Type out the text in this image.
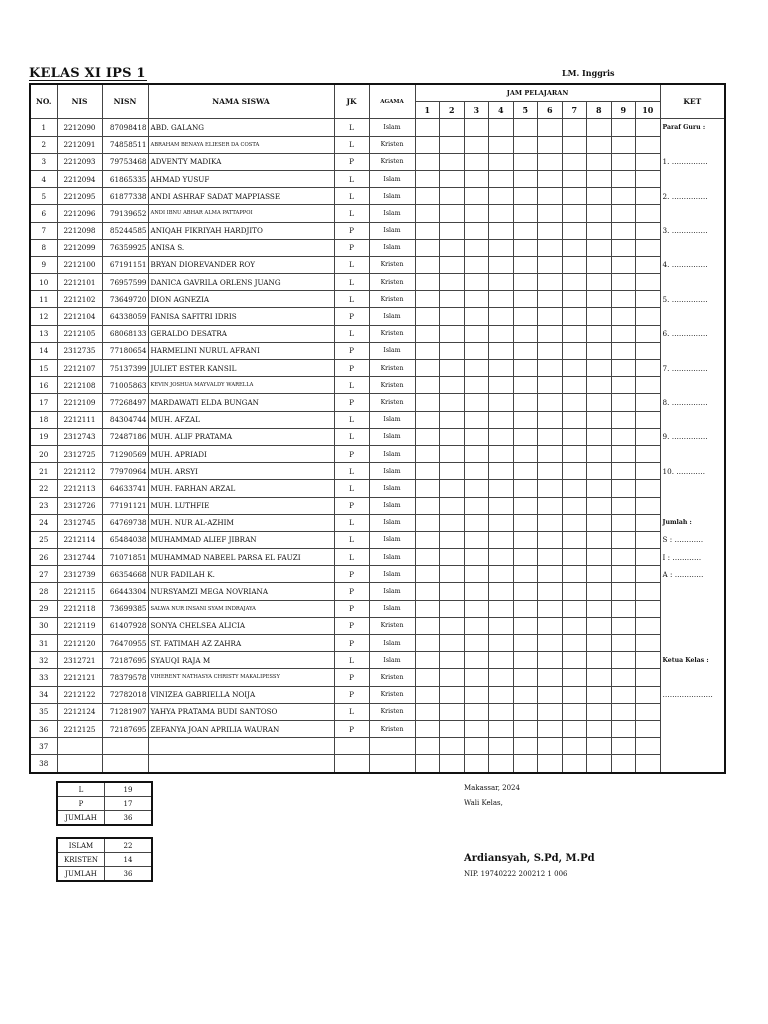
KELAS XI IPS 1	LM. Inggris
NO.	NIS	NISN	NAMA SISWA	JK	AGAMA	JAM PELAJARAN										KET
						1	2	3	4	5	6	7	8	9	10	
1	2212090	87098418	ABD. GALANG	L	Islam											Paraf Guru :
2	2212091	74858511	ABRAHAM BENAYA ELIESER DA COSTA	L	Kristen											
3	2212093	79753468	ADVENTY MADIKA	P	Kristen											1. ……………
4	2212094	61865335	AHMAD YUSUF	L	Islam											
5	2212095	61877338	ANDI ASHRAF SADAT MAPPIASSE	L	Islam											2. ……………
6	2212096	79139652	ANDI IBNU ABHAR ALMA PATTAPPOI	L	Islam											
7	2212098	85244585	ANIQAH FIKRIYAH HARDJITO	P	Islam											3. ……………
8	2212099	76359925	ANISA S.	P	Islam											
9	2212100	67191151	BRYAN DIOREVANDER ROY	L	Kristen											4. ……………
10	2212101	76957599	DANICA GAVRILA ORLENS JUANG	L	Kristen											
11	2212102	73649720	DION AGNEZIA	L	Kristen											5. ……………
12	2212104	64338059	FANISA SAFITRI IDRIS	P	Islam											
13	2212105	68068133	GERALDO DESATRA	L	Kristen											6. ……………
14	2312735	77180654	HARMELINI NURUL AFRANI	P	Islam											
15	2212107	75137399	JULIET ESTER KANSIL	P	Kristen											7. ……………
16	2212108	71005863	KEVIN JOSHUA MAYVALDY WARELLA	L	Kristen											
17	2212109	77268497	MARDAWATI ELDA BUNGAN	P	Kristen											8. ……………
18	2212111	84304744	MUH. AFZAL	L	Islam											
19	2312743	72487186	MUH. ALIF PRATAMA	L	Islam											9. ……………
20	2312725	71290569	MUH. APRIADI	P	Islam											
21	2212112	77970964	MUH. ARSYI	L	Islam											10. …………
22	2212113	64633741	MUH. FARHAN ARZAL	L	Islam											
23	2312726	77191121	MUH. LUTHFIE	P	Islam											
24	2312745	64769738	MUH. NUR AL-AZHIM	L	Islam											Jumlah :
25	2212114	65484038	MUHAMMAD ALIEF JIBRAN	L	Islam											S : …………
26	2312744	71071851	MUHAMMAD NABEEL PARSA EL FAUZI	L	Islam											I : …………
27	2312739	66354668	NUR FADILAH K.	P	Islam											A : …………
28	2212115	66443304	NURSYAMZI MEGA NOVRIANA	P	Islam											
29	2212118	73699385	SALWA NUR INSANI SYAM INDRAJAYA	P	Islam											
30	2212119	61407928	SONYA CHELSEA ALICIA	P	Kristen											
31	2212120	76470955	ST. FATIMAH AZ ZAHRA	P	Islam											
32	2312721	72187695	SYAUQI RAJA M	L	Islam											Ketua Kelas :
33	2212121	78379578	VIHERENT NATHASYA CHRISTY MAKALIPESSY	P	Kristen											
34	2212122	72782018	VINIZEA GABRIELLA NOIJA	P	Kristen											…………………
35	2212124	71281907	YAHYA PRATAMA BUDI SANTOSO	L	Kristen											
36	2212125	72187695	ZEFANYA JOAN APRILIA WAURAN	P	Kristen											
37																
38																
L	19
P	17
JUMLAH	36
ISLAM	22
KRISTEN	14
JUMLAH	36
Makassar, 2024
Wali Kelas,
Ardiansyah, S.Pd, M.Pd
NIP. 19740222 200212 1 006
